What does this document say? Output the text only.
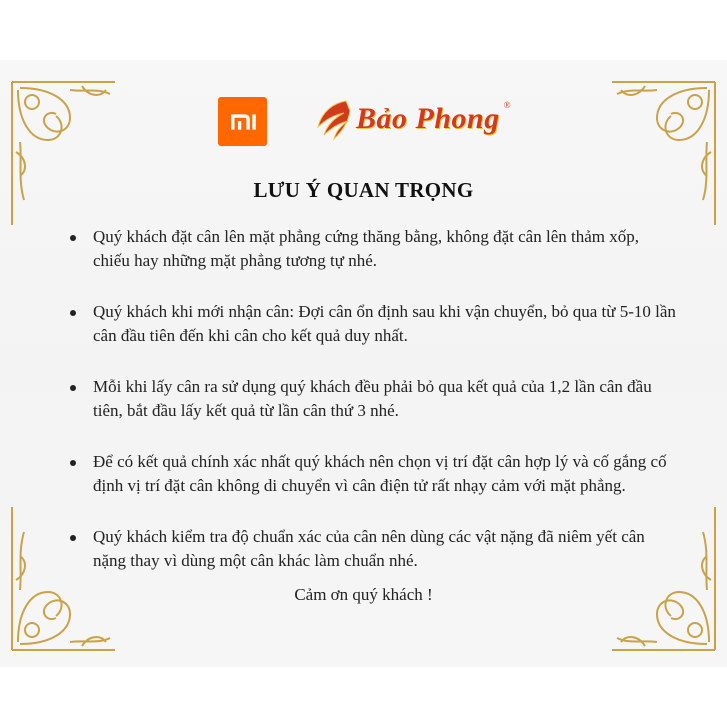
Bảo Phong ®
LƯU Ý QUAN TRỌNG
Quý khách đặt cân lên mặt phẳng cứng thăng bằng, không đặt cân lên thảm xốp, chiếu hay những mặt phẳng tương tự nhé.
Quý khách khi mới nhận cân: Đợi cân ổn định sau khi vận chuyển, bỏ qua từ 5-10 lần cân đầu tiên đến khi cân cho kết quả duy nhất.
Mỗi khi lấy cân ra sử dụng quý khách đều phải bỏ qua kết quả của 1,2 lần cân đầu tiên, bắt đầu lấy kết quả từ lần cân thứ 3 nhé.
Để có kết quả chính xác nhất quý khách nên chọn vị trí đặt cân hợp lý và cố gắng cố định vị trí đặt cân không di chuyển vì cân điện tử rất nhạy cảm với mặt phẳng.
Quý khách kiểm tra độ chuẩn xác của cân nên dùng các vật nặng đã niêm yết cân nặng thay vì dùng một cân khác làm chuẩn nhé.
Cảm ơn quý khách !
